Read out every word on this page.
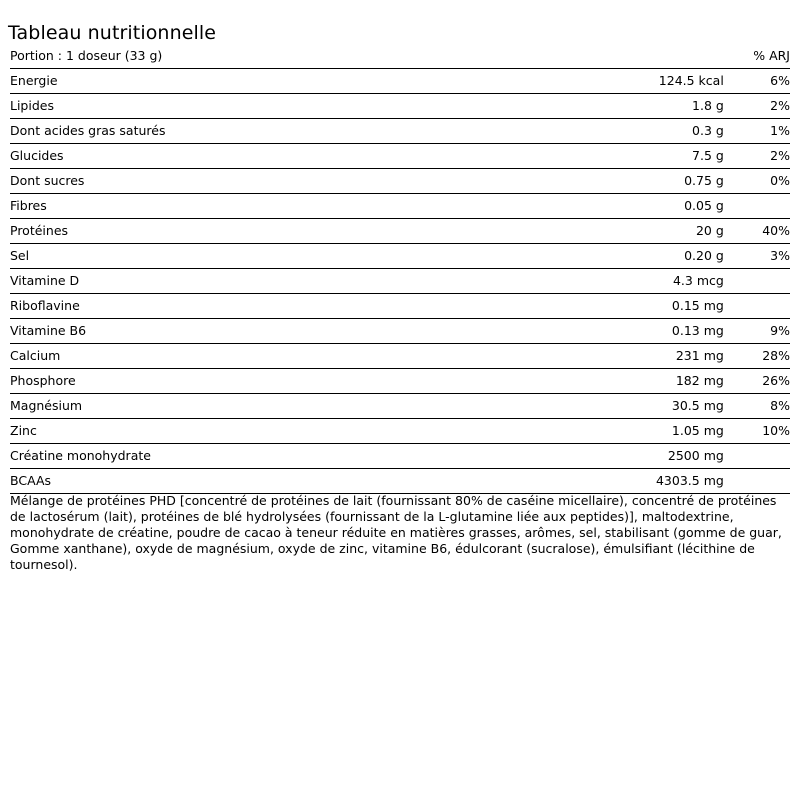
Tableau nutritionnelle
Portion : 1 doseur (33 g)		% ARJ
Energie	124.5 kcal	6%
Lipides	1.8 g	2%
Dont acides gras saturés	0.3 g	1%
Glucides	7.5 g	2%
Dont sucres	0.75 g	0%
Fibres	0.05 g	
Protéines	20 g	40%
Sel	0.20 g	3%
Vitamine D	4.3 mcg	
Riboflavine	0.15 mg	
Vitamine B6	0.13 mg	9%
Calcium	231 mg	28%
Phosphore	182 mg	26%
Magnésium	30.5 mg	8%
Zinc	1.05 mg	10%
Créatine monohydrate	2500 mg	
BCAAs	4303.5 mg	

Mélange de protéines PHD [concentré de protéines de lait (fournissant 80% de caséine micellaire), concentré de protéines de lactosérum (lait), protéines de blé hydrolysées (fournissant de la L-glutamine liée aux peptides)], maltodextrine, monohydrate de créatine, poudre de cacao à teneur réduite en matières grasses, arômes, sel, stabilisant (gomme de guar, Gomme xanthane), oxyde de magnésium, oxyde de zinc, vitamine B6, édulcorant (sucralose), émulsifiant (lécithine de tournesol).
